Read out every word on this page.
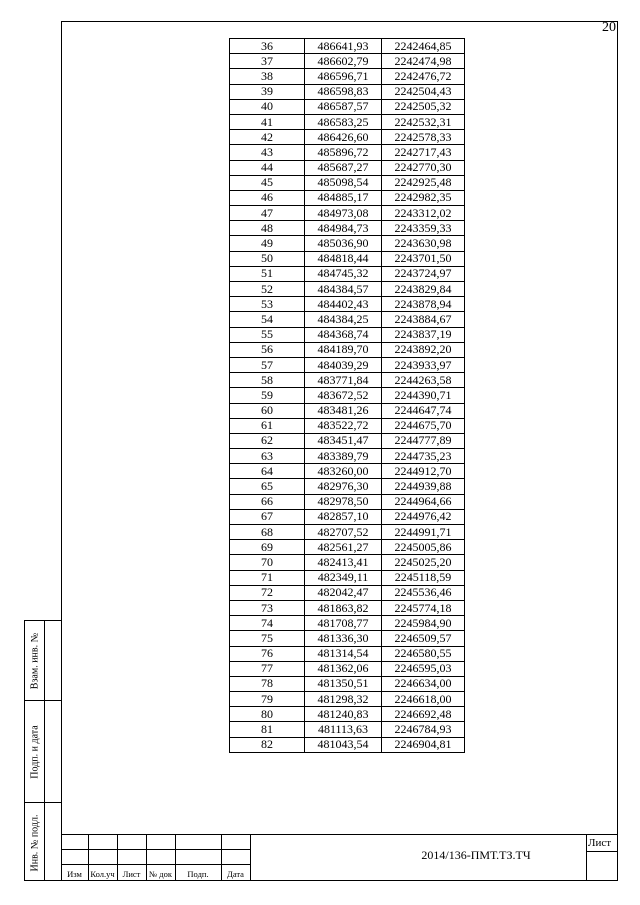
20
36	486641,93	2242464,85
37	486602,79	2242474,98
38	486596,71	2242476,72
39	486598,83	2242504,43
40	486587,57	2242505,32
41	486583,25	2242532,31
42	486426,60	2242578,33
43	485896,72	2242717,43
44	485687,27	2242770,30
45	485098,54	2242925,48
46	484885,17	2242982,35
47	484973,08	2243312,02
48	484984,73	2243359,33
49	485036,90	2243630,98
50	484818,44	2243701,50
51	484745,32	2243724,97
52	484384,57	2243829,84
53	484402,43	2243878,94
54	484384,25	2243884,67
55	484368,74	2243837,19
56	484189,70	2243892,20
57	484039,29	2243933,97
58	483771,84	2244263,58
59	483672,52	2244390,71
60	483481,26	2244647,74
61	483522,72	2244675,70
62	483451,47	2244777,89
63	483389,79	2244735,23
64	483260,00	2244912,70
65	482976,30	2244939,88
66	482978,50	2244964,66
67	482857,10	2244976,42
68	482707,52	2244991,71
69	482561,27	2245005,86
70	482413,41	2245025,20
71	482349,11	2245118,59
72	482042,47	2245536,46
73	481863,82	2245774,18
74	481708,77	2245984,90
75	481336,30	2246509,57
76	481314,54	2246580,55
77	481362,06	2246595,03
78	481350,51	2246634,00
79	481298,32	2246618,00
80	481240,83	2246692,48
81	481113,63	2246784,93
82	481043,54	2246904,81
Взам. инв. №
Подп. и дата
Инв. № подл.	2014/136-ПМТ.ТЗ.ТЧ
Лист
Изм Кол.уч Лист	№ док	Подп.	Дата
